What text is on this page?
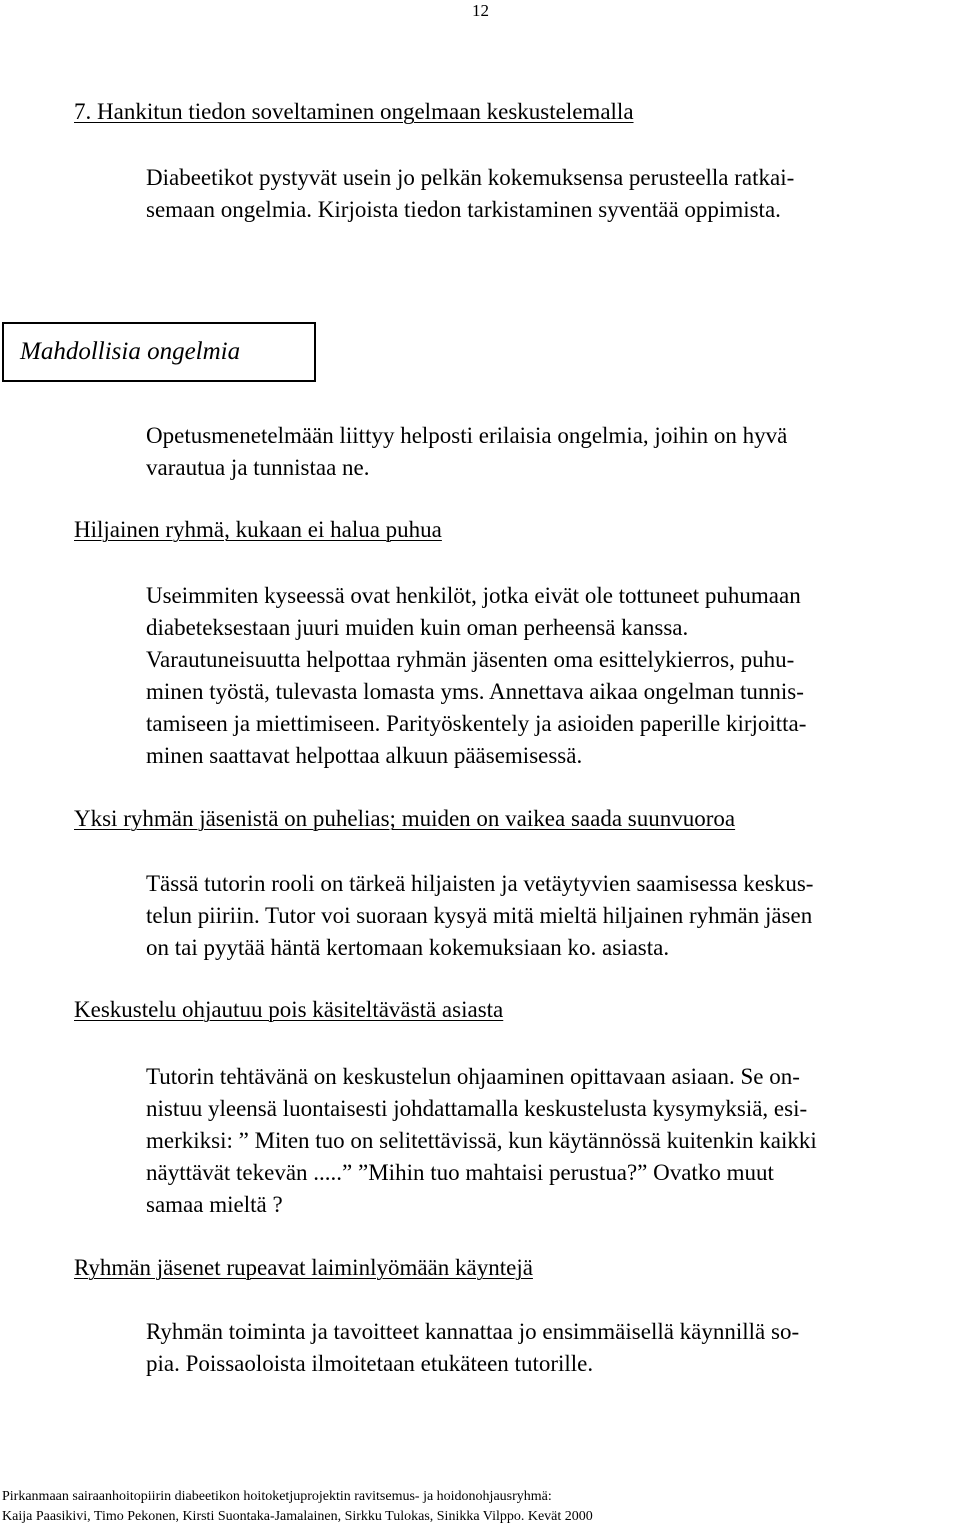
12
7. Hankitun tiedon soveltaminen ongelmaan keskustelemalla
Diabeetikot pystyvät usein jo pelkän kokemuksensa perusteella ratkai-
semaan ongelmia. Kirjoista tiedon tarkistaminen syventää oppimista.
Mahdollisia ongelmia
Opetusmenetelmään liittyy helposti erilaisia ongelmia, joihin on hyvä
varautua ja tunnistaa ne.
Hiljainen ryhmä, kukaan ei halua puhua
Useimmiten kyseessä ovat henkilöt, jotka eivät ole tottuneet puhumaan
diabeteksestaan juuri muiden kuin oman perheensä kanssa.
Varautuneisuutta helpottaa ryhmän jäsenten oma esittelykierros, puhu-
minen työstä, tulevasta lomasta yms. Annettava aikaa ongelman tunnis-
tamiseen ja miettimiseen. Parityöskentely ja asioiden paperille kirjoitta-
minen saattavat helpottaa alkuun pääsemisessä.
Yksi ryhmän jäsenistä on puhelias; muiden on vaikea saada suunvuoroa
Tässä tutorin rooli on tärkeä hiljaisten ja vetäytyvien saamisessa keskus-
telun piiriin. Tutor voi suoraan kysyä mitä mieltä hiljainen ryhmän jäsen
on tai pyytää häntä kertomaan kokemuksiaan ko. asiasta.
Keskustelu ohjautuu pois käsiteltävästä asiasta
Tutorin tehtävänä on keskustelun ohjaaminen opittavaan asiaan. Se on-
nistuu yleensä luontaisesti johdattamalla keskustelusta kysymyksiä, esi-
merkiksi: ” Miten tuo on selitettävissä, kun käytännössä kuitenkin kaikki
näyttävät tekevän .....” ”Mihin tuo mahtaisi perustua?” Ovatko muut
samaa mieltä ?
Ryhmän jäsenet rupeavat laiminlyömään käyntejä
Ryhmän toiminta ja tavoitteet kannattaa jo ensimmäisellä käynnillä so-
pia. Poissaoloista ilmoitetaan etukäteen tutorille.
Pirkanmaan sairaanhoitopiirin diabeetikon hoitoketjuprojektin ravitsemus- ja hoidonohjausryhmä:
Kaija Paasikivi, Timo Pekonen, Kirsti Suontaka-Jamalainen, Sirkku Tulokas, Sinikka Vilppo. Kevät 2000
